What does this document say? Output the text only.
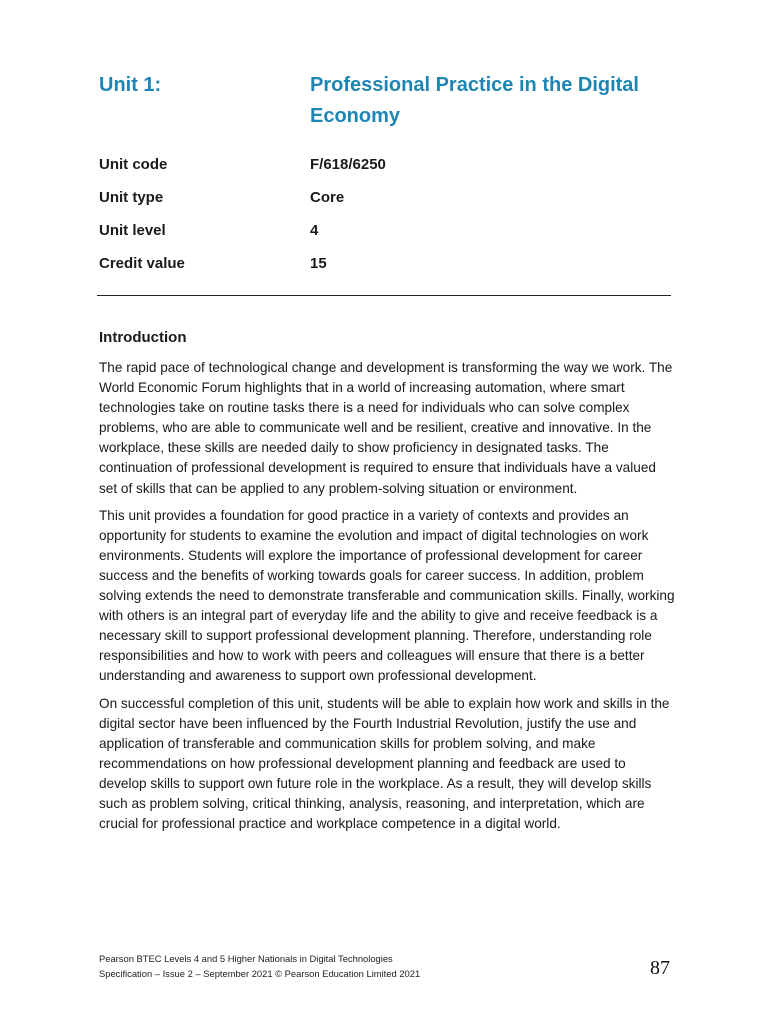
Unit 1:	Professional Practice in the Digital Economy
Unit code	F/618/6250
Unit type	Core
Unit level	4
Credit value	15
Introduction

The rapid pace of technological change and development is transforming the way we work. The World Economic Forum highlights that in a world of increasing automation, where smart technologies take on routine tasks there is a need for individuals who can solve complex problems, who are able to communicate well and be resilient, creative and innovative. In the workplace, these skills are needed daily to show proficiency in designated tasks. The continuation of professional development is required to ensure that individuals have a valued set of skills that can be applied to any problem-solving situation or environment.

This unit provides a foundation for good practice in a variety of contexts and provides an opportunity for students to examine the evolution and impact of digital technologies on work environments. Students will explore the importance of professional development for career success and the benefits of working towards goals for career success. In addition, problem solving extends the need to demonstrate transferable and communication skills. Finally, working with others is an integral part of everyday life and the ability to give and receive feedback is a necessary skill to support professional development planning. Therefore, understanding role responsibilities and how to work with peers and colleagues will ensure that there is a better understanding and awareness to support own professional development.

On successful completion of this unit, students will be able to explain how work and skills in the digital sector have been influenced by the Fourth Industrial Revolution, justify the use and application of transferable and communication skills for problem solving, and make recommendations on how professional development planning and feedback are used to develop skills to support own future role in the workplace. As a result, they will develop skills such as problem solving, critical thinking, analysis, reasoning, and interpretation, which are crucial for professional practice and workplace competence in a digital world.

Pearson BTEC Levels 4 and 5 Higher Nationals in Digital Technologies
Specification – Issue 2 – September 2021 © Pearson Education Limited 2021	87
